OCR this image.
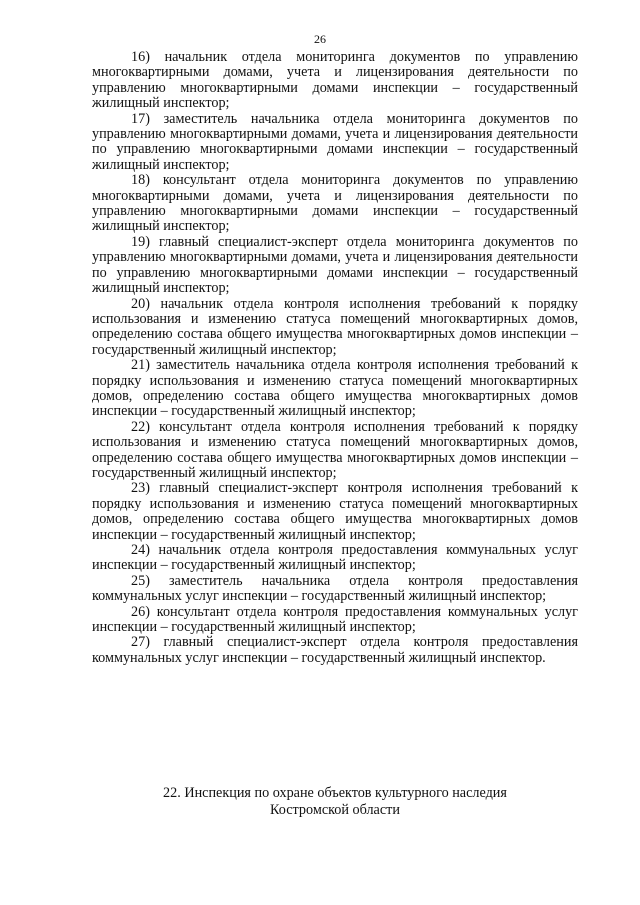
26

16) начальник отдела мониторинга документов по управлению многоквартирными домами, учета и лицензирования деятельности по управлению многоквартирными домами инспекции – государственный жилищный инспектор;

17) заместитель начальника отдела мониторинга документов по управлению многоквартирными домами, учета и лицензирования деятельности по управлению многоквартирными домами инспекции – государственный жилищный инспектор;

18) консультант отдела мониторинга документов по управлению многоквартирными домами, учета и лицензирования деятельности по управлению многоквартирными домами инспекции – государственный жилищный инспектор;

19) главный специалист-эксперт отдела мониторинга документов по управлению многоквартирными домами, учета и лицензирования деятельности по управлению многоквартирными домами инспекции – государственный жилищный инспектор;

20) начальник отдела контроля исполнения требований к порядку использования и изменению статуса помещений многоквартирных домов, определению состава общего имущества многоквартирных домов инспекции – государственный жилищный инспектор;

21) заместитель начальника отдела контроля исполнения требований к порядку использования и изменению статуса помещений многоквартирных домов, определению состава общего имущества многоквартирных домов инспекции – государственный жилищный инспектор;

22) консультант отдела контроля исполнения требований к порядку использования и изменению статуса помещений многоквартирных домов, определению состава общего имущества многоквартирных домов инспекции – государственный жилищный инспектор;

23) главный специалист-эксперт контроля исполнения требований к порядку использования и изменению статуса помещений многоквартирных домов, определению состава общего имущества многоквартирных домов инспекции – государственный жилищный инспектор;

24) начальник отдела контроля предоставления коммунальных услуг инспекции – государственный жилищный инспектор;

25) заместитель начальника отдела контроля предоставления коммунальных услуг инспекции – государственный жилищный инспектор;

26) консультант отдела контроля предоставления коммунальных услуг инспекции – государственный жилищный инспектор;

27) главный специалист-эксперт отдела контроля предоставления коммунальных услуг инспекции – государственный жилищный инспектор.

22. Инспекция по охране объектов культурного наследия
Костромской области
